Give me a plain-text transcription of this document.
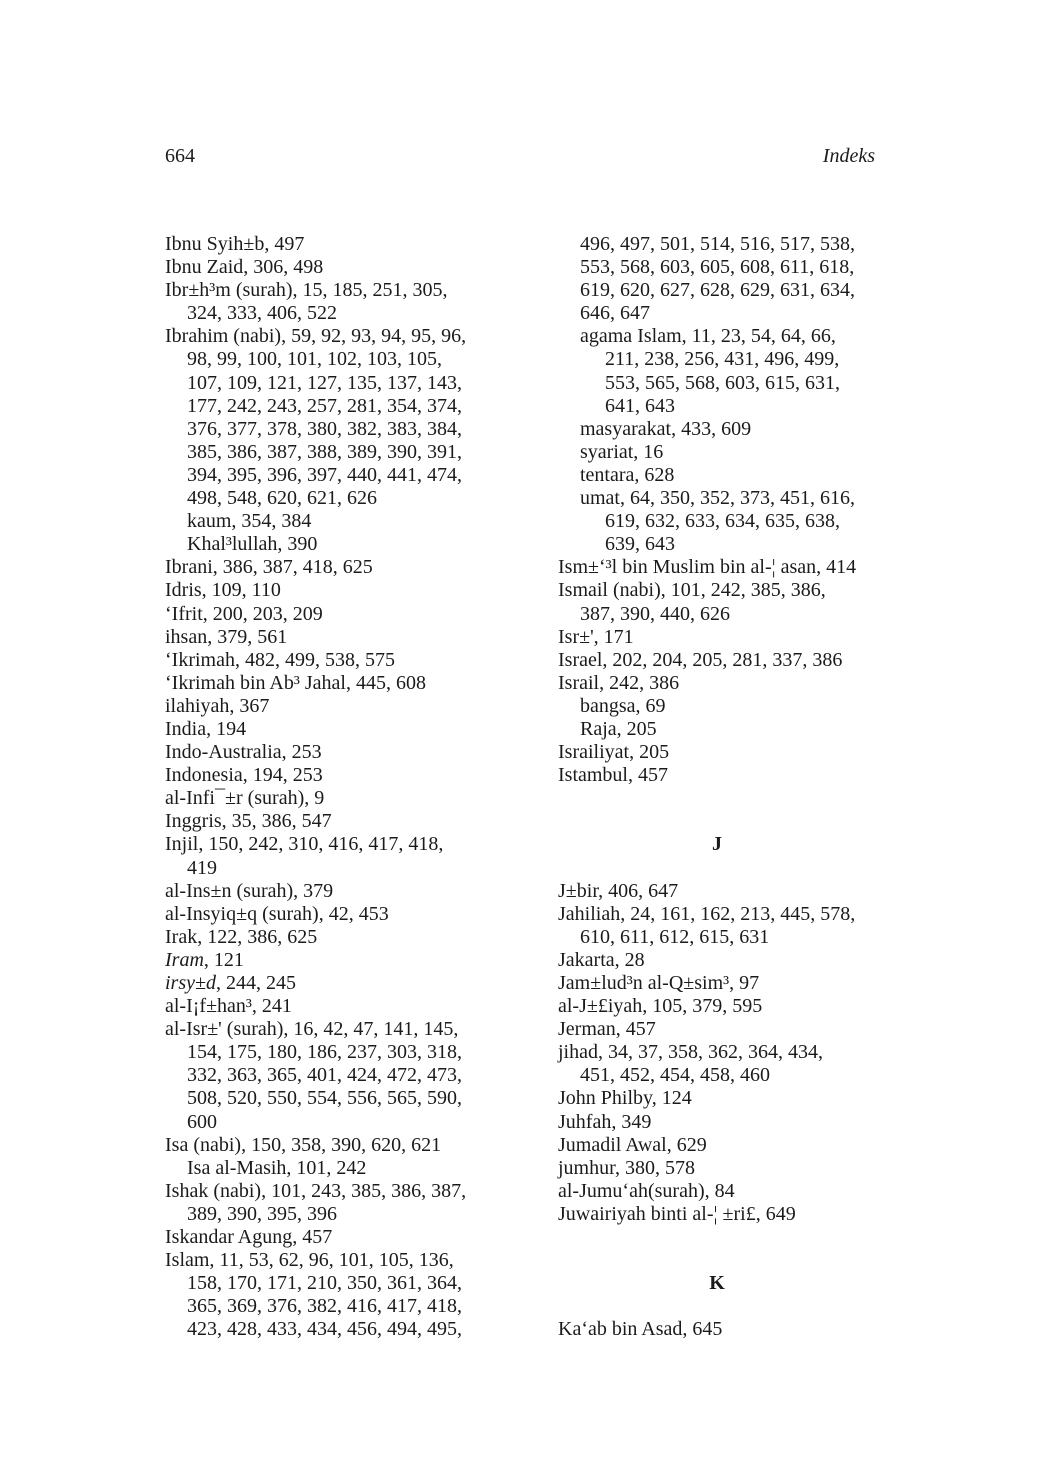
664	Indeks
Ibnu Syih±b, 497
Ibnu Zaid, 306, 498
Ibr±h³m (surah), 15, 185, 251, 305,
324, 333, 406, 522
Ibrahim (nabi), 59, 92, 93, 94, 95, 96,
98, 99, 100, 101, 102, 103, 105,
107, 109, 121, 127, 135, 137, 143,
177, 242, 243, 257, 281, 354, 374,
376, 377, 378, 380, 382, 383, 384,
385, 386, 387, 388, 389, 390, 391,
394, 395, 396, 397, 440, 441, 474,
498, 548, 620, 621, 626
kaum, 354, 384
Khal³lullah, 390
Ibrani, 386, 387, 418, 625
Idris, 109, 110
‘Ifrit, 200, 203, 209
ihsan, 379, 561
‘Ikrimah, 482, 499, 538, 575
‘Ikrimah bin Ab³ Jahal, 445, 608
ilahiyah, 367
India, 194
Indo-Australia, 253
Indonesia, 194, 253
al-Infi¯±r (surah), 9
Inggris, 35, 386, 547
Injil, 150, 242, 310, 416, 417, 418,
419
al-Ins±n (surah), 379
al-Insyiq±q (surah), 42, 453
Irak, 122, 386, 625
Iram, 121
irsy±d, 244, 245
al-I¡f±han³, 241
al-Isr±' (surah), 16, 42, 47, 141, 145,
154, 175, 180, 186, 237, 303, 318,
332, 363, 365, 401, 424, 472, 473,
508, 520, 550, 554, 556, 565, 590,
600
Isa (nabi), 150, 358, 390, 620, 621
Isa al-Masih, 101, 242
Ishak (nabi), 101, 243, 385, 386, 387,
389, 390, 395, 396
Iskandar Agung, 457
Islam, 11, 53, 62, 96, 101, 105, 136,
158, 170, 171, 210, 350, 361, 364,
365, 369, 376, 382, 416, 417, 418,
423, 428, 433, 434, 456, 494, 495,
496, 497, 501, 514, 516, 517, 538,
553, 568, 603, 605, 608, 611, 618,
619, 620, 627, 628, 629, 631, 634,
646, 647
agama Islam, 11, 23, 54, 64, 66,
211, 238, 256, 431, 496, 499,
553, 565, 568, 603, 615, 631,
641, 643
masyarakat, 433, 609
syariat, 16
tentara, 628
umat, 64, 350, 352, 373, 451, 616,
619, 632, 633, 634, 635, 638,
639, 643
Ism±‘³l bin Muslim bin al-¦ asan, 414
Ismail (nabi), 101, 242, 385, 386,
387, 390, 440, 626
Isr±', 171
Israel, 202, 204, 205, 281, 337, 386
Israil, 242, 386
bangsa, 69
Raja, 205
Israiliyat, 205
Istambul, 457

J

J±bir, 406, 647
Jahiliah, 24, 161, 162, 213, 445, 578,
610, 611, 612, 615, 631
Jakarta, 28
Jam±lud³n al-Q±sim³, 97
al-J±£iyah, 105, 379, 595
Jerman, 457
jihad, 34, 37, 358, 362, 364, 434,
451, 452, 454, 458, 460
John Philby, 124
Juhfah, 349
Jumadil Awal, 629
jumhur, 380, 578
al-Jumu‘ah(surah), 84
Juwairiyah binti al-¦ ±ri£, 649

K

Ka‘ab bin Asad, 645
